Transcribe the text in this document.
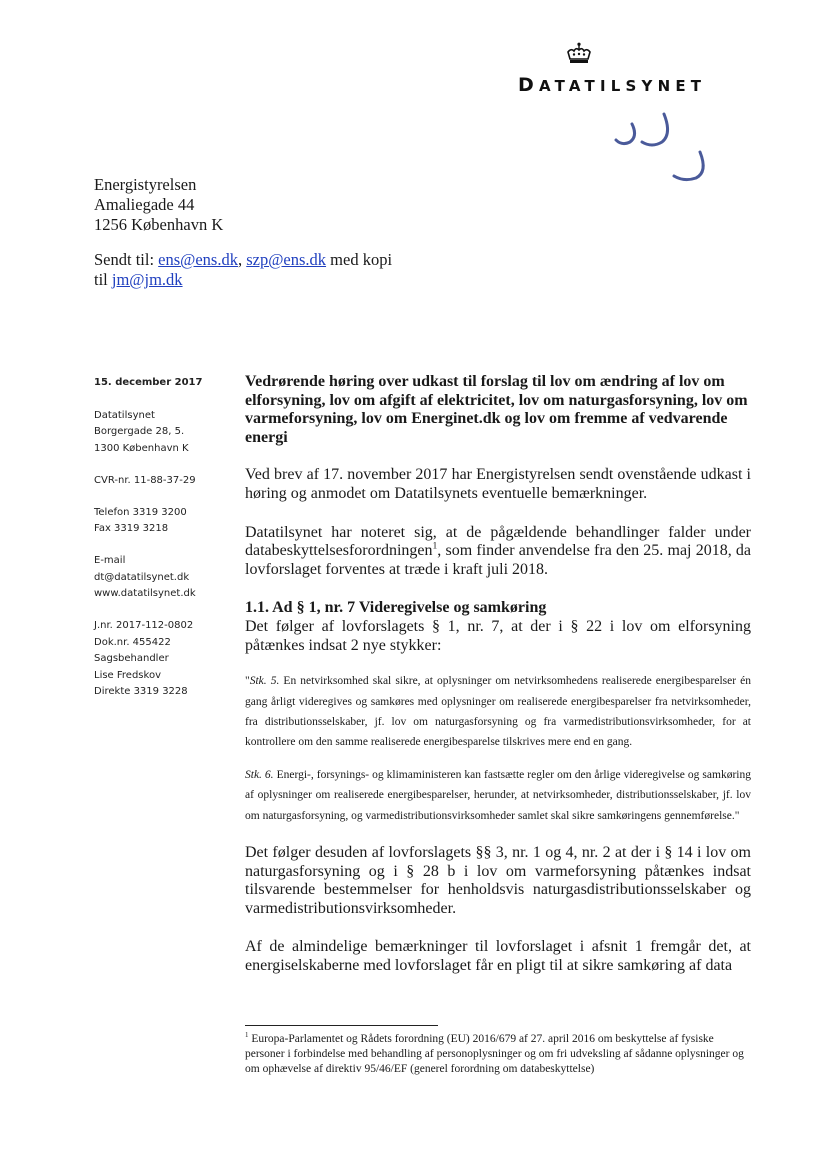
DATATILSYNET
Energistyrelsen
Amaliegade 44
1256 København K
Sendt til: ens@ens.dk, szp@ens.dk med kopi
til jm@jm.dk
15. december 2017
Datatilsynet
Borgergade 28, 5.
1300 København K
CVR-nr. 11-88-37-29
Telefon 3319 3200
Fax 3319 3218
E-mail
dt@datatilsynet.dk
www.datatilsynet.dk
J.nr. 2017-112-0802
Dok.nr. 455422
Sagsbehandler
Lise Fredskov
Direkte 3319 3228

Vedrørende høring over udkast til forslag til lov om ændring af lov om elforsyning, lov om afgift af elektricitet, lov om naturgasforsyning, lov om varmeforsyning, lov om Energinet.dk og lov om fremme af vedvarende energi

Ved brev af 17. november 2017 har Energistyrelsen sendt ovenstående udkast i høring og anmodet om Datatilsynets eventuelle bemærkninger.

Datatilsynet har noteret sig, at de pågældende behandlinger falder under databeskyttelsesforordningen$^1$, som finder anvendelse fra den 25. maj 2018, da lovforslaget forventes at træde i kraft juli 2018.

1.1. Ad § 1, nr. 7 Videregivelse og samkøring

Det følger af lovforslagets § 1, nr. 7, at der i § 22 i lov om elforsyning påtænkes indsat 2 nye stykker:

"Stk. 5. En netvirksomhed skal sikre, at oplysninger om netvirksomhedens realiserede energibesparelser én gang årligt videregives og samkøres med oplysninger om realiserede energibesparelser fra netvirksomheder, fra distributionsselskaber, jf. lov om naturgasforsyning og fra varmedistributionsvirksomheder, for at kontrollere om den samme realiserede energibesparelse tilskrives mere end en gang.

Stk. 6. Energi-, forsynings- og klimaministeren kan fastsætte regler om den årlige videregivelse og samkøring af oplysninger om realiserede energibesparelser, herunder, at netvirksomheder, distributionsselskaber, jf. lov om naturgasforsyning, og varmedistributionsvirksomheder samlet skal sikre samkøringens gennemførelse."

Det følger desuden af lovforslagets §§ 3, nr. 1 og 4, nr. 2 at der i § 14 i lov om naturgasforsyning og i § 28 b i lov om varmeforsyning påtænkes indsat tilsvarende bestemmelser for henholdsvis naturgasdistributionsselskaber og varmedistributionsvirksomheder.

Af de almindelige bemærkninger til lovforslaget i afsnit 1 fremgår det, at energiselskaberne med lovforslaget får en pligt til at sikre samkøring af data

$^1$ Europa-Parlamentet og Rådets forordning (EU) 2016/679 af 27. april 2016 om beskyttelse af fysiske personer i forbindelse med behandling af personoplysninger og om fri udveksling af sådanne oplysninger og om ophævelse af direktiv 95/46/EF (generel forordning om databeskyttelse)
